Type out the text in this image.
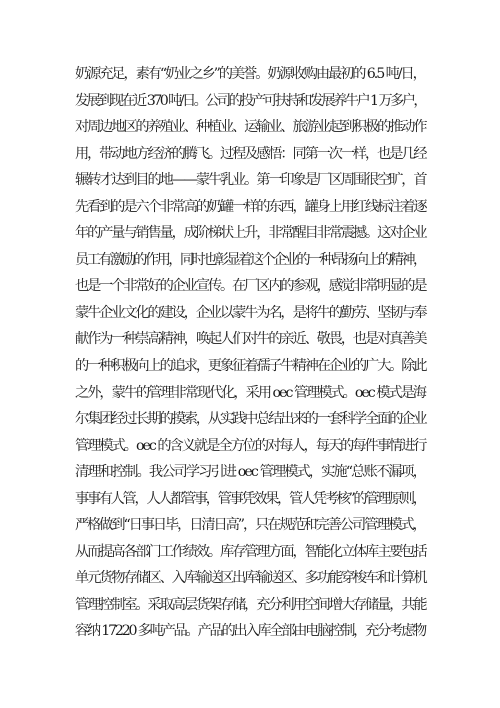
奶源充足，素有“奶业之乡”的美誉。奶源收购由最初的 6.5 吨/日，
发展到现在近 370 吨/日。公司的投产可扶持和发展养牛户 1 万多户，
对周边地区的养殖业、种植业、运输业、旅游业起到积极的推动作
用，带动地方经济的腾飞。过程及感悟：同第一次一样，也是几经
辗转才达到目的地——蒙牛乳业。第一印象是厂区周围很空旷，首
先看到的是六个非常高的奶罐一样的东西，罐身上用红线标注着逐
年的产量与销售量，成阶梯状上升，非常醒目非常震撼。这对企业
员工有激励的作用，同时也彰显着这个企业的一种昂扬向上的精神，
也是一个非常好的企业宣传。在厂区内的参观，感觉非常明显的是
蒙牛企业文化的建设，企业以蒙牛为名，是将牛的勤劳、坚韧与奉
献作为一种崇高精神，唤起人们对牛的亲近、敬畏，也是对真善美
的一种积极向上的追求，更象征着孺子牛精神在企业的广大。除此
之外，蒙牛的管理非常现代化，采用 oec 管理模式。oec 模式是海
尔集团经过长期的摸索，从实践中总结出来的一套科学全面的企业
管理模式。oec 的含义就是全方位的对每人，每天的每件事情进行
清理和控制。我公司学习引进 oec 管理模式，实施“总账不漏项，
事事有人管，人人都管事，管事凭效果，管人凭考核”的管理原则，
严格做到“日事日毕，日清日高”，只在规范和完善公司管理模式，
从而提高各部门工作绩效。库存管理方面，智能化立体库主要包括
单元货物存储区、入库输送区出库输送区、多功能穿梭车和计算机
管理控制室。采取高层货架存储，充分利用空间增大存储量，共能
容纳 17220 多吨产品。产品的出入库全部由电脑控制，充分考虑物
